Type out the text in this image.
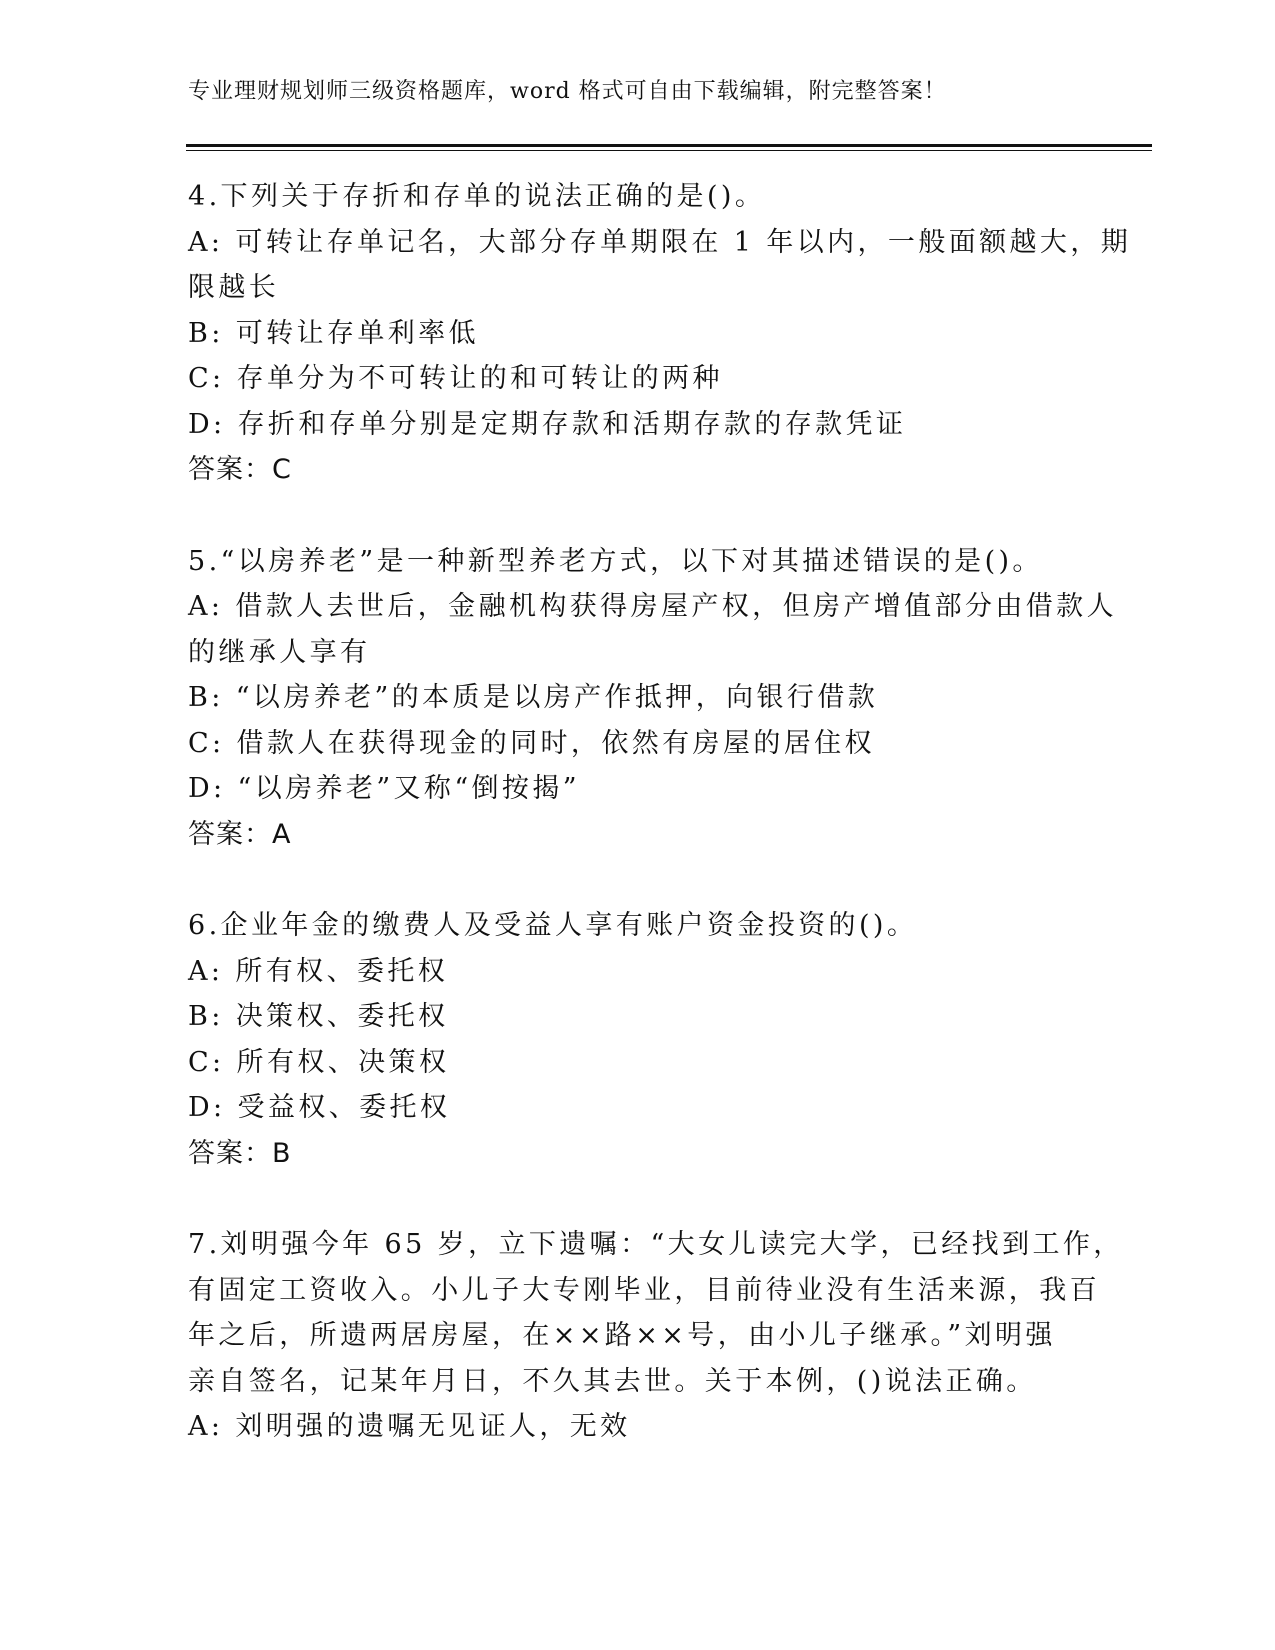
专业理财规划师三级资格题库，word 格式可自由下载编辑，附完整答案！
4.下列关于存折和存单的说法正确的是()。
A: 可转让存单记名，大部分存单期限在 1 年以内，一般面额越大，期
限越长
B: 可转让存单利率低
C: 存单分为不可转让的和可转让的两种
D: 存折和存单分别是定期存款和活期存款的存款凭证
答案：C
5.“以房养老”是一种新型养老方式，以下对其描述错误的是()。
A: 借款人去世后，金融机构获得房屋产权，但房产增值部分由借款人
的继承人享有
B: “以房养老”的本质是以房产作抵押，向银行借款
C: 借款人在获得现金的同时，依然有房屋的居住权
D: “以房养老”又称“倒按揭”
答案：A
6.企业年金的缴费人及受益人享有账户资金投资的()。
A: 所有权、委托权
B: 决策权、委托权
C: 所有权、决策权
D: 受益权、委托权
答案：B
7.刘明强今年 65 岁，立下遗嘱：“大女儿读完大学，已经找到工作，
有固定工资收入。小儿子大专刚毕业，目前待业没有生活来源，我百
年之后，所遗两居房屋，在××路××号，由小儿子继承。”刘明强
亲自签名，记某年月日，不久其去世。关于本例，()说法正确。
A: 刘明强的遗嘱无见证人，无效
